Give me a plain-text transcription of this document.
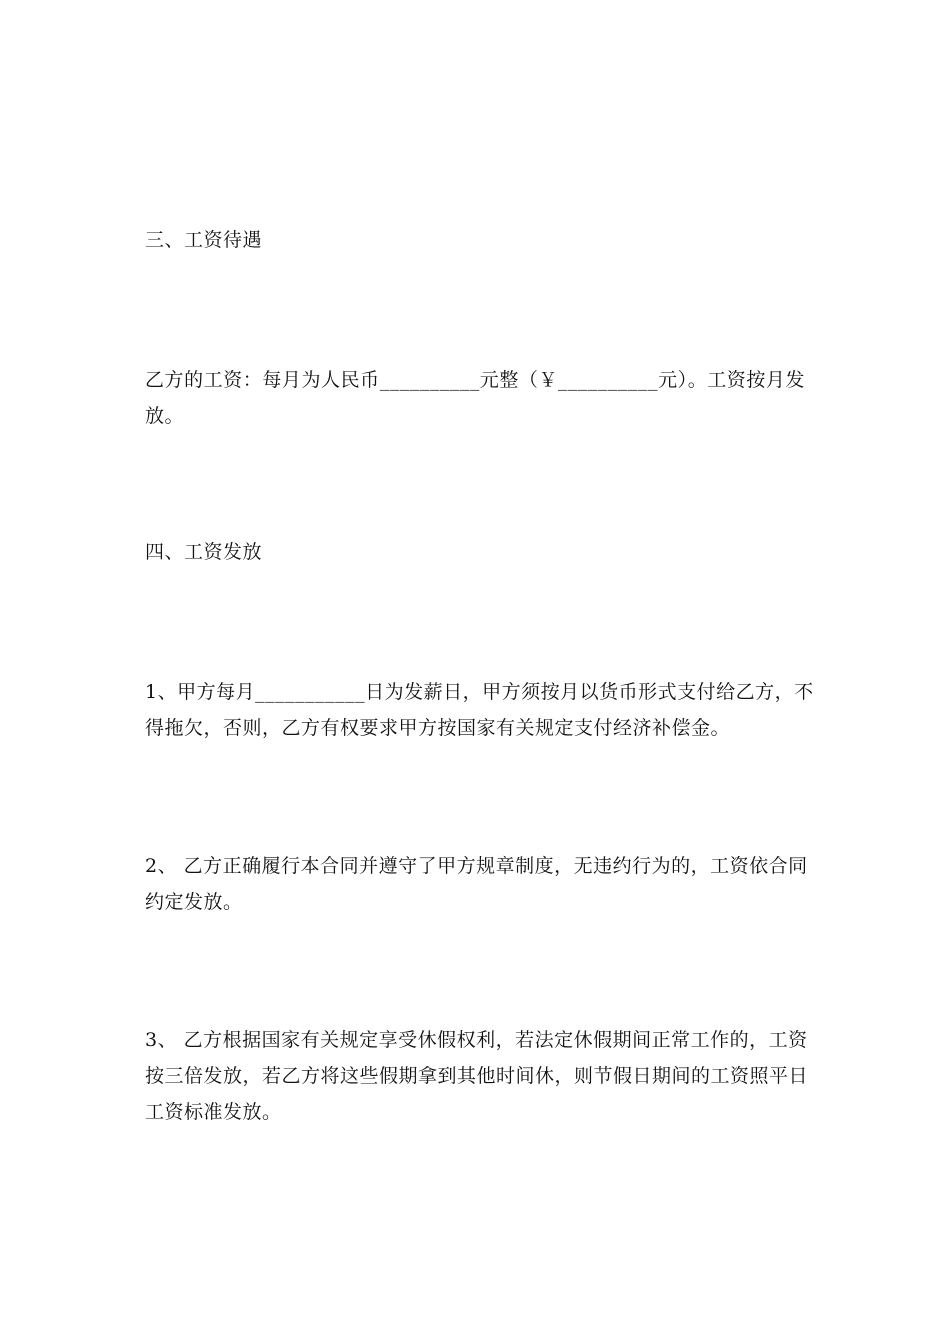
三、工资待遇

乙方的工资：每月为人民币__________元整（￥__________元）。工资按月发
放。

四、工资发放

1、甲方每月___________日为发薪日，甲方须按月以货币形式支付给乙方，不
得拖欠，否则，乙方有权要求甲方按国家有关规定支付经济补偿金。

2、 乙方正确履行本合同并遵守了甲方规章制度，无违约行为的，工资依合同
约定发放。

3、 乙方根据国家有关规定享受休假权利，若法定休假期间正常工作的，工资
按三倍发放，若乙方将这些假期拿到其他时间休，则节假日期间的工资照平日
工资标准发放。
